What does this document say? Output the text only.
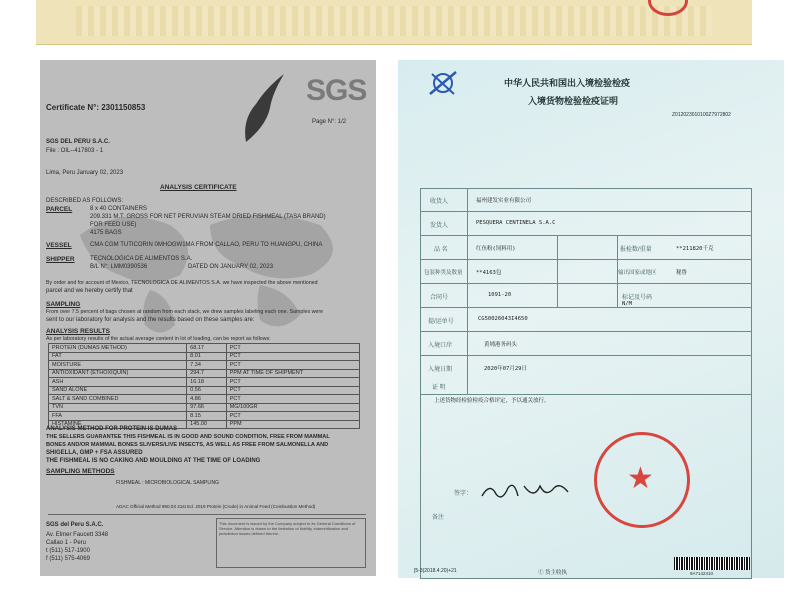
SGS
Certificate N°: 2301150853
Page N°: 1/2
SGS DEL PERU S.A.C.
File : OIL--417803 - 1
Lima, Peru January 02, 2023
ANALYSIS CERTIFICATE
DESCRIBED AS FOLLOWS:
PARCEL	8 x 40 CONTAINERS
209.331 M.T. GROSS FOR NET PERUVIAN STEAM DRIED FISHMEAL (TASA BRAND)
FOR FEED USE)
4175 BAGS
VESSEL	CMA CGM TUTICORIN 0MHOGW1MA FROM CALLAO, PERU TO HUANGPU, CHINA
SHIPPER	TECNOLOGICA DE ALIMENTOS S.A.
B/L N°: LMM0390536	DATED ON JANUARY 02, 2023
By order and for account of Mexico, TECNOLOGICA DE ALIMENTOS S.A. we have inspected the above mentioned
parcel and we hereby certify that
SAMPLING
From over 7.5 percent of bags chosen at random from each stack, we drew samples labeling each one. Samples were
sent to our laboratory for analysis and the results based on these samples are:
ANALYSIS RESULTS
As per laboratory results of the actual average content in lot of loading, can be report as follows:
PROTEIN (DUMAS METHOD)	68.17	PCT
FAT	8.01	PCT
MOISTURE	7.34	PCT
ANTIOXIDANT (ETHOXIQUIN)	294.7	PPM AT TIME OF SHIPMENT
ASH	16.18	PCT
SAND ALONE	0.56	PCT
SALT & SAND COMBINED	4.86	PCT
TVN	97.66	MG/100GR
FFA	8.15	PCT
HISTAMINE	145.00	PPM
ANALYSIS METHOD FOR PROTEIN IS DUMAS
THE SELLERS GUARANTEE THIS FISHMEAL IS IN GOOD AND SOUND CONDITION, FREE FROM MAMMAL
BONES AND/OR MAMMAL BONES SLIVERS/LIVE INSECTS, AS WELL AS FREE FROM SALMONELLA AND
SHIGELLA, GMP + FSA ASSURED
THE FISHMEAL IS NO CAKING AND MOULDING AT THE TIME OF LOADING
SAMPLING METHODS
FISHMEAL : MICROBIOLOGICAL SAMPLING
ADAC Official Method 990.03 21st Ed. 2019 Protein (Crude) in Animal Feed (Combustion Method)
SGS del Peru S.A.C.
Av. Elmer Faucett 3348
Callao 1 - Peru
t (511) 517-1900
f (511) 575-4069
This document is issued by the Company subject to its General Conditions of Service. Attention is drawn to the limitation of liability, indemnification and jurisdiction issues defined therein.
中华人民共和国出入境检验检疫
入境货物检验检疫证明
Z012023010100Z7972802
收货人	福州建发实业有限公司
发货人	PESQUERA CENTINELA S.A.C
品 名	红鱼粉(饲料用)	报检数/重量	**211820千克
包装种类及数量 **4163包	输出国家或地区	秘鲁
合同号	1091-20	标记及号码
N/M
提/运单号	CG50026043I4650
入境口岸	黄埔港务码头
入境日期	2020年07月29日
证 明
上述货物经检验检疫合格评定，予以通关放行。
★
签字：
备注
[5-3(2018.4.20)+21	① 货主收执	9A7142410
